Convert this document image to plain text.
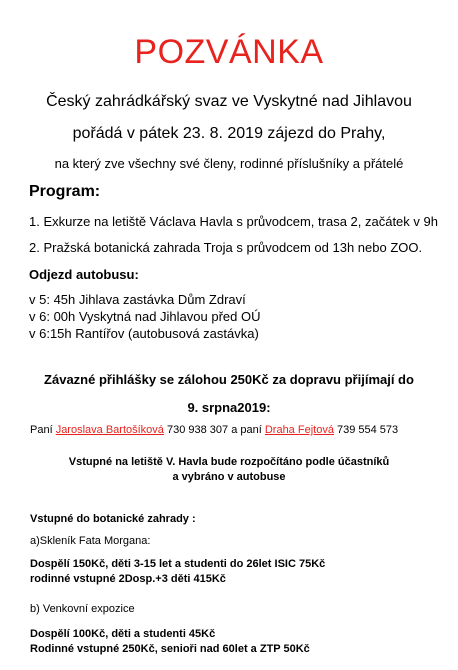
POZVÁNKA
Český zahrádkářský svaz ve Vyskytné nad Jihlavou
pořádá v pátek 23. 8. 2019 zájezd do Prahy,
na který zve všechny své členy, rodinné příslušníky a přátelé
Program:
1. Exkurze na letiště Václava Havla s průvodcem, trasa 2, začátek v 9h
2. Pražská botanická zahrada Troja s průvodcem od 13h nebo ZOO.
Odjezd autobusu:
v 5: 45h Jihlava zastávka Dům Zdraví
v 6: 00h Vyskytná nad Jihlavou před OÚ
v 6:15h Rantířov (autobusová zastávka)
Závazné přihlášky se zálohou 250Kč za dopravu přijímají do
9. srpna2019:
Paní Jaroslava Bartošíková 730 938 307 a paní Draha Fejtová 739 554 573
Vstupné na letiště V. Havla bude rozpočítáno podle účastníků
a vybráno v autobuse
Vstupné do botanické zahrady :
a)Skleník Fata Morgana:
Dospělí 150Kč, děti 3-15 let a studenti do 26let ISIC 75Kč
rodinné vstupné 2Dosp.+3 děti 415Kč
b) Venkovní expozice
Dospělí 100Kč, děti a studenti 45Kč
Rodinné vstupné 250Kč, senioři nad 60let a ZTP 50Kč
